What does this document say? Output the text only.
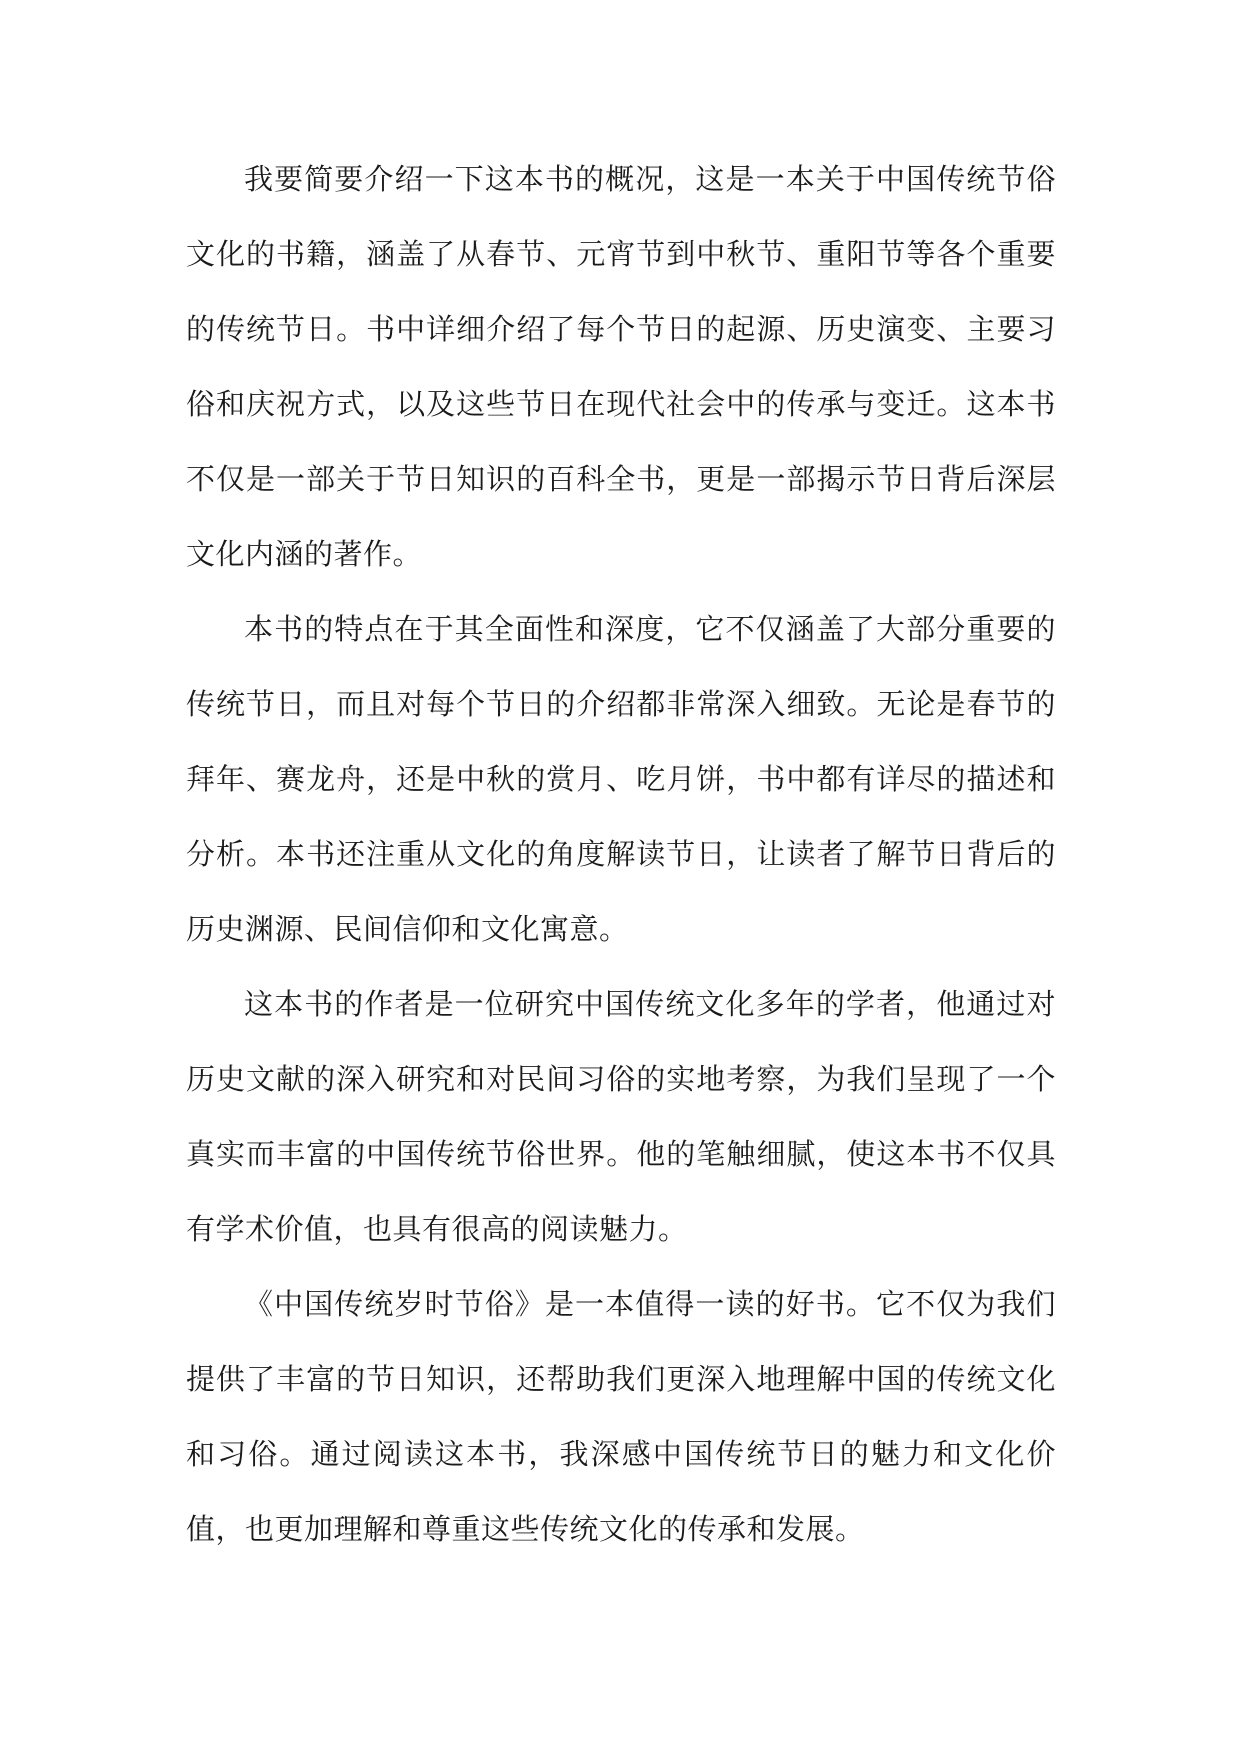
我要简要介绍一下这本书的概况，这是一本关于中国传统节俗文化的书籍，涵盖了从春节、元宵节到中秋节、重阳节等各个重要的传统节日。书中详细介绍了每个节日的起源、历史演变、主要习俗和庆祝方式，以及这些节日在现代社会中的传承与变迁。这本书不仅是一部关于节日知识的百科全书，更是一部揭示节日背后深层文化内涵的著作。

本书的特点在于其全面性和深度，它不仅涵盖了大部分重要的传统节日，而且对每个节日的介绍都非常深入细致。无论是春节的拜年、赛龙舟，还是中秋的赏月、吃月饼，书中都有详尽的描述和分析。本书还注重从文化的角度解读节日，让读者了解节日背后的历史渊源、民间信仰和文化寓意。

这本书的作者是一位研究中国传统文化多年的学者，他通过对历史文献的深入研究和对民间习俗的实地考察，为我们呈现了一个真实而丰富的中国传统节俗世界。他的笔触细腻，使这本书不仅具有学术价值，也具有很高的阅读魅力。

《中国传统岁时节俗》是一本值得一读的好书。它不仅为我们提供了丰富的节日知识，还帮助我们更深入地理解中国的传统文化和习俗。通过阅读这本书，我深感中国传统节日的魅力和文化价值，也更加理解和尊重这些传统文化的传承和发展。
